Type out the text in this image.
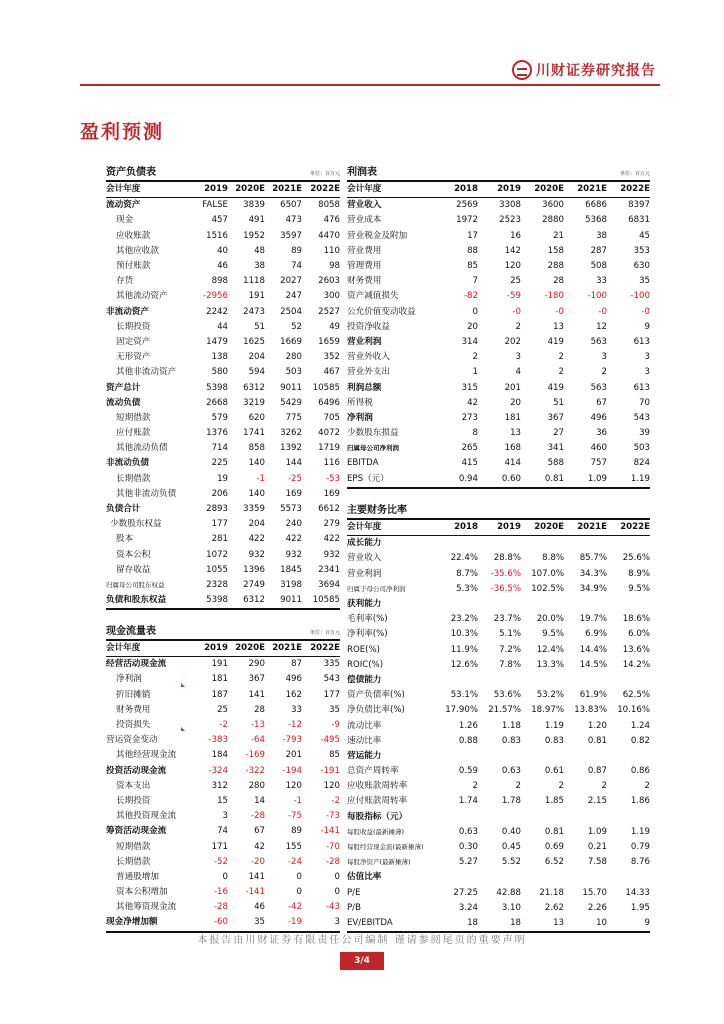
川财证券研究报告
盈利预测
资产负债表	单位：百万元
会计年度	2019	2020E	2021E	2022E
流动资产	FALSE	3839	6507	8058
现金	457	491	473	476
应收账款	1516	1952	3597	4470
其他应收款	40	48	89	110
预付账款	46	38	74	98
存货	898	1118	2027	2603
其他流动资产	-2956	191	247	300
非流动资产	2242	2473	2504	2527
长期投资	44	51	52	49
固定资产	1479	1625	1669	1659
无形资产	138	204	280	352
其他非流动资产	580	594	503	467
资产总计	5398	6312	9011	10585
流动负债	2668	3219	5429	6496
短期借款	579	620	775	705
应付账款	1376	1741	3262	4072
其他流动负债	714	858	1392	1719
非流动负债	225	140	144	116
长期借款	19	-1	-25	-53
其他非流动负债	206	140	169	169
负债合计	2893	3359	5573	6612
少数股东权益	177	204	240	279
股本	281	422	422	422
资本公积	1072	932	932	932
留存收益	1055	1396	1845	2341
归属母公司股东权益	2328	2749	3198	3694
负债和股东权益	5398	6312	9011	10585
利润表	单位：百万元
会计年度	2018	2019	2020E	2021E	2022E
营业收入	2569	3308	3600	6686	8397
营业成本	1972	2523	2880	5368	6831
营业税金及附加	17	16	21	38	45
营业费用	88	142	158	287	353
管理费用	85	120	288	508	630
财务费用	7	25	28	33	35
资产减值损失	-82	-59	-180	-100	-100
公允价值变动收益	0	-0	-0	-0	-0
投资净收益	20	2	13	12	9
营业利润	314	202	419	563	613
营业外收入	2	3	2	3	3
营业外支出	1	4	2	2	3
利润总额	315	201	419	563	613
所得税	42	20	51	67	70
净利润	273	181	367	496	543
少数股东损益	8	13	27	36	39
归属母公司净利润	265	168	341	460	503
EBITDA	415	414	588	757	824
EPS（元）	0.94	0.60	0.81	1.09	1.19
主要财务比率
会计年度	2018	2019	2020E	2021E	2022E
成长能力					
营业收入	22.4%	28.8%	8.8%	85.7%	25.6%
营业利润	8.7%	-35.6%	107.0%	34.3%	8.9%
归属于母公司净利润	5.3%	-36.5%	102.5%	34.9%	9.5%
获利能力					
毛利率(%)	23.2%	23.7%	20.0%	19.7%	18.6%
净利率(%)	10.3%	5.1%	9.5%	6.9%	6.0%
ROE(%)	11.9%	7.2%	12.4%	14.4%	13.6%
ROIC(%)	12.6%	7.8%	13.3%	14.5%	14.2%
偿债能力					
资产负债率(%)	53.1%	53.6%	53.2%	61.9%	62.5%
净负债比率(%)	17.90%	21.57%	18.97%	13.83%	10.16%
流动比率	1.26	1.18	1.19	1.20	1.24
速动比率	0.88	0.83	0.83	0.81	0.82
营运能力					
总资产周转率	0.59	0.63	0.61	0.87	0.86
应收账款周转率	2	2	2	2	2
应付账款周转率	1.74	1.78	1.85	2.15	1.86
每股指标（元）					
每股收益(最新摊薄)	0.63	0.40	0.81	1.09	1.19
每股经营现金流(最新摊薄)	0.30	0.45	0.69	0.21	0.79
每股净资产(最新摊薄)	5.27	5.52	6.52	7.58	8.76
估值比率					
P/E	27.25	42.88	21.18	15.70	14.33
P/B	3.24	3.10	2.62	2.26	1.95
EV/EBITDA	18	18	13	10	9
现金流量表	单位：百万元
会计年度	2019	2020E	2021E	2022E
经营活动现金流	191	290	87	335
净利润	181	367	496	543
折旧摊销	187	141	162	177
财务费用	25	28	33	35
投资损失	-2	-13	-12	-9
营运资金变动	-383	-64	-793	-495
其他经营现金流	184	-169	201	85
投资活动现金流	-324	-322	-194	-191
资本支出	312	280	120	120
长期投资	15	14	-1	-2
其他投资现金流	3	-28	-75	-73
筹资活动现金流	74	67	89	-141
短期借款	171	42	155	-70
长期借款	-52	-20	-24	-28
普通股增加	0	141	0	0
资本公积增加	-16	-141	0	0
其他筹资现金流	-28	46	-42	-43
现金净增加额	-60	35	-19	3
本报告由川财证券有限责任公司编制 谨请参阅尾页的重要声明
3/4
